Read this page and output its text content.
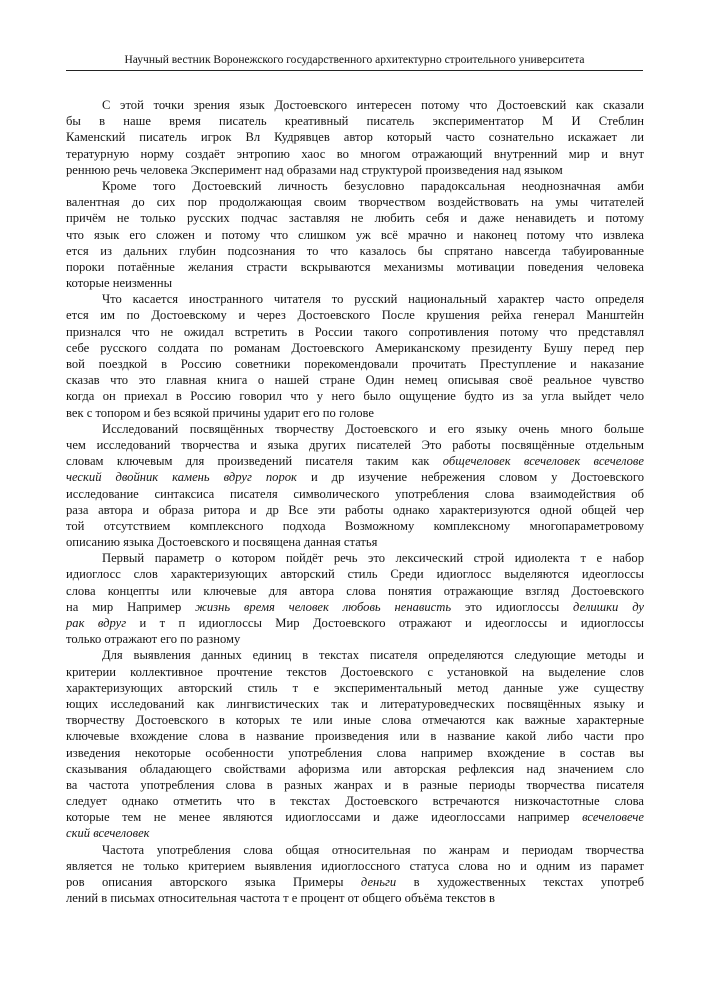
Научный вестник Воронежского государственного архитектурно строительного университета
С этой точки зрения язык Достоевского интересен потому что Достоевский как сказали
бы в наше время писатель креативный писатель экспериментатор М И Стеблин
Каменский писатель игрок Вл Кудрявцев автор который часто сознательно искажает ли
тературную норму создаёт энтропию хаос во многом отражающий внутренний мир и внут
реннюю речь человека Эксперимент над образами над структурой произведения над языком
Кроме того Достоевский личность безусловно парадоксальная неоднозначная амби
валентная до сих пор продолжающая своим творчеством воздействовать на умы читателей
причём не только русских подчас заставляя не любить себя и даже ненавидеть и потому
что язык его сложен и потому что слишком уж всё мрачно и наконец потому что извлека
ется из дальних глубин подсознания то что казалось бы спрятано навсегда табуированные
пороки потаённые желания страсти вскрываются механизмы мотивации поведения человека
которые неизменны
Что касается иностранного читателя то русский национальный характер часто определя
ется им по Достоевскому и через Достоевского После крушения рейха генерал Манштейн
признался что не ожидал встретить в России такого сопротивления потому что представлял
себе русского солдата по романам Достоевского Американскому президенту Бушу перед пер
вой поездкой в Россию советники порекомендовали прочитать Преступление и наказание
сказав что это главная книга о нашей стране Один немец описывая своё реальное чувство
когда он приехал в Россию говорил что у него было ощущение будто из за угла выйдет чело
век с топором и без всякой причины ударит его по голове
Исследований посвящённых творчеству Достоевского и его языку очень много больше
чем исследований творчества и языка других писателей Это работы посвящённые отдельным
словам ключевым для произведений писателя таким как общечеловек всечеловек всечелове
ческий двойник камень вдруг порок и др изучение небрежения словом у Достоевского
исследование синтаксиса писателя символического употребления слова взаимодействия об
раза автора и образа ритора и др Все эти работы однако характеризуются одной общей чер
той отсутствием комплексного подхода Возможному комплексному многопараметровому
описанию языка Достоевского и посвящена данная статья
Первый параметр о котором пойдёт речь это лексический строй идиолекта т е набор
идиоглосс слов характеризующих авторский стиль Среди идиоглосс выделяются идеоглоссы
слова концепты или ключевые для автора слова понятия отражающие взгляд Достоевского
на мир Например жизнь время человек любовь ненависть это идиоглоссы делишки ду
рак вдруг и т п идиоглоссы Мир Достоевского отражают и идеоглоссы и идиоглоссы
только отражают его по разному
Для выявления данных единиц в текстах писателя определяются следующие методы и
критерии коллективное прочтение текстов Достоевского с установкой на выделение слов
характеризующих авторский стиль т е экспериментальный метод данные уже существу
ющих исследований как лингвистических так и литературоведческих посвящённых языку и
творчеству Достоевского в которых те или иные слова отмечаются как важные характерные
ключевые вхождение слова в название произведения или в название какой либо части про
изведения некоторые особенности употребления слова например вхождение в состав вы
сказывания обладающего свойствами афоризма или авторская рефлексия над значением сло
ва частота употребления слова в разных жанрах и в разные периоды творчества писателя
следует однако отметить что в текстах Достоевского встречаются низкочастотные слова
которые тем не менее являются идиоглоссами и даже идеоглоссами например всечеловече
ский всечеловек
Частота употребления слова общая относительная по жанрам и периодам творчества
является не только критерием выявления идиоглоссного статуса слова но и одним из парамет
ров описания авторского языка Примеры деньги в художественных текстах употреб
лений в письмах относительная частота т е процент от общего объёма текстов в
